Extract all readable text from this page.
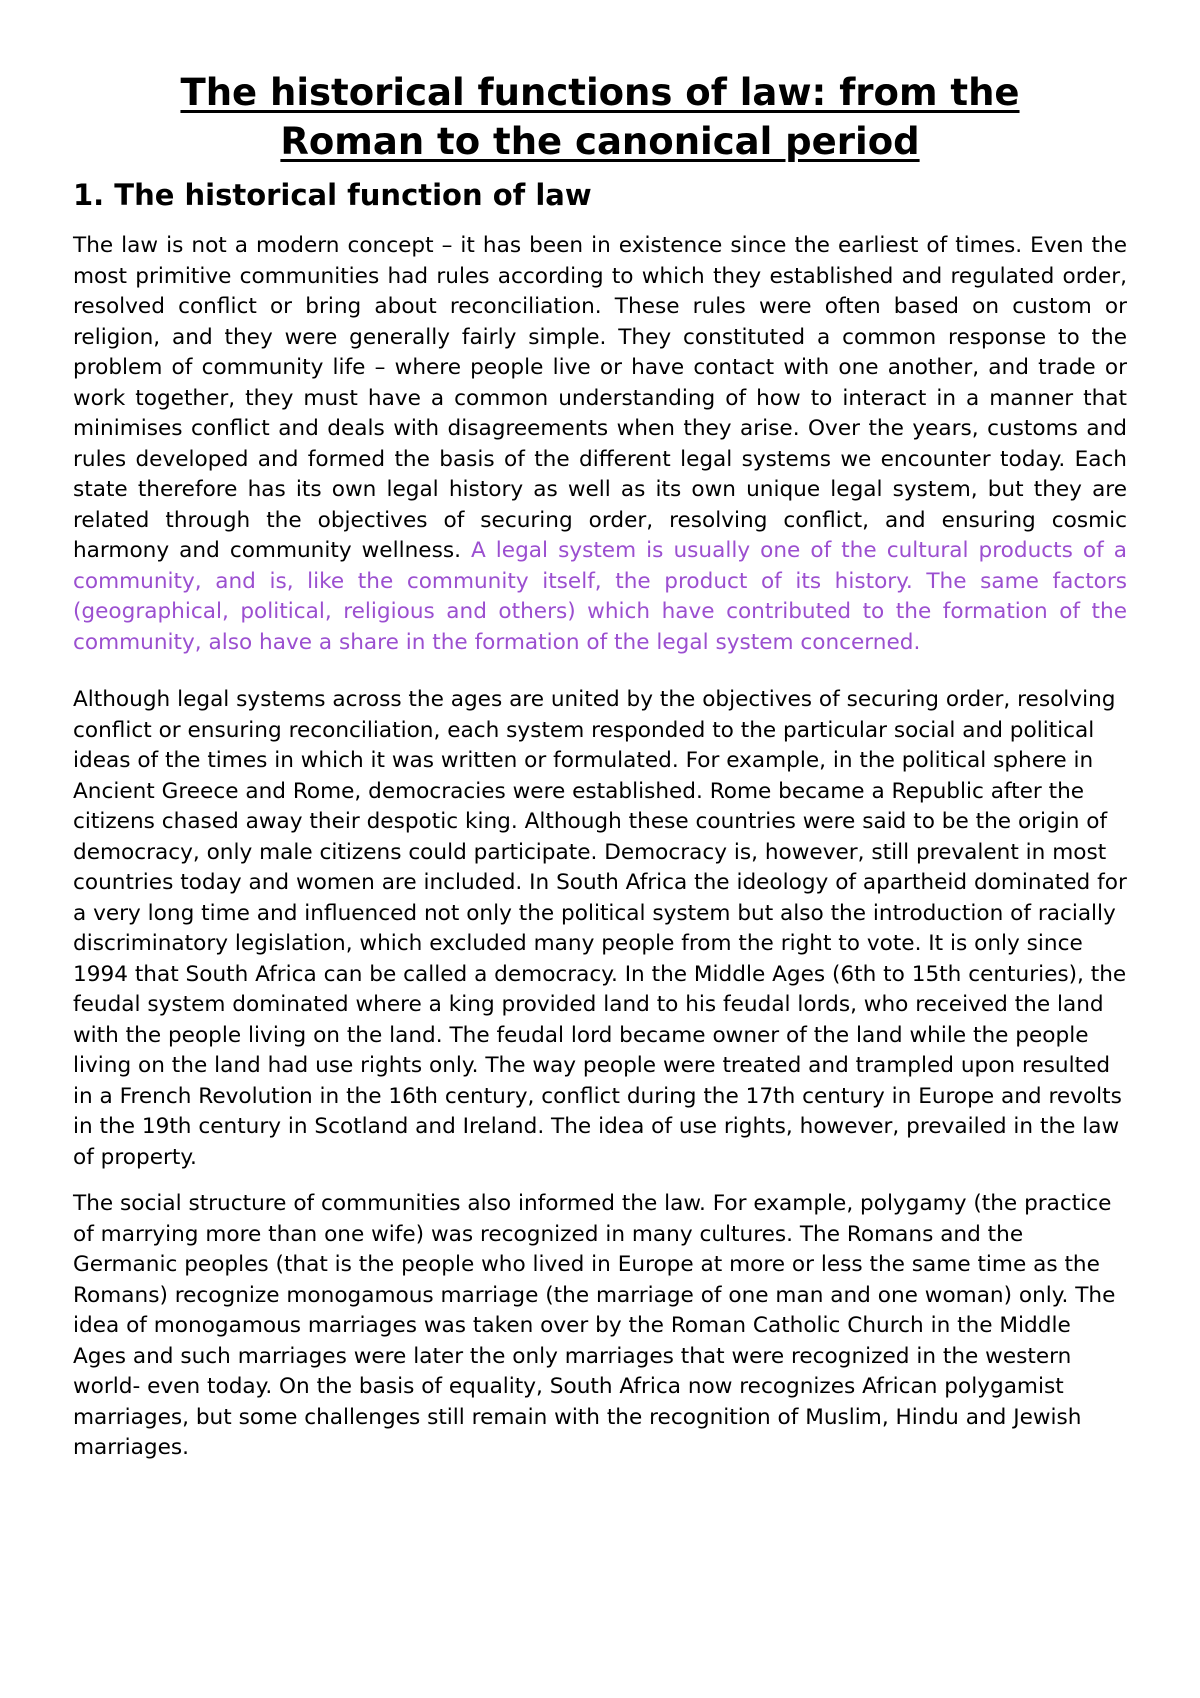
The historical functions of law: from the
Roman to the canonical period
1. The historical function of law

The law is not a modern concept – it has been in existence since the earliest of times. Even the most primitive communities had rules according to which they established and regulated order, resolved conflict or bring about reconciliation. These rules were often based on custom or religion, and they were generally fairly simple. They constituted a common response to the problem of community life – where people live or have contact with one another, and trade or work together, they must have a common understanding of how to interact in a manner that minimises conflict and deals with disagreements when they arise. Over the years, customs and rules developed and formed the basis of the different legal systems we encounter today. Each state therefore has its own legal history as well as its own unique legal system, but they are related through the objectives of securing order, resolving conflict, and ensuring cosmic harmony and community wellness. A legal system is usually one of the cultural products of a community, and is, like the community itself, the product of its history. The same factors (geographical, political, religious and others) which have contributed to the formation of the community, also have a share in the formation of the legal system concerned.

Although legal systems across the ages are united by the objectives of securing order, resolving conflict or ensuring reconciliation, each system responded to the particular social and political ideas of the times in which it was written or formulated. For example, in the political sphere in Ancient Greece and Rome, democracies were established. Rome became a Republic after the citizens chased away their despotic king. Although these countries were said to be the origin of democracy, only male citizens could participate. Democracy is, however, still prevalent in most countries today and women are included. In South Africa the ideology of apartheid dominated for a very long time and influenced not only the political system but also the introduction of racially discriminatory legislation, which excluded many people from the right to vote. It is only since 1994 that South Africa can be called a democracy. In the Middle Ages (6th to 15th centuries), the feudal system dominated where a king provided land to his feudal lords, who received the land with the people living on the land. The feudal lord became owner of the land while the people living on the land had use rights only. The way people were treated and trampled upon resulted in a French Revolution in the 16th century, conflict during the 17th century in Europe and revolts in the 19th century in Scotland and Ireland. The idea of use rights, however, prevailed in the law of property.

The social structure of communities also informed the law. For example, polygamy (the practice of marrying more than one wife) was recognized in many cultures. The Romans and the Germanic peoples (that is the people who lived in Europe at more or less the same time as the Romans) recognize monogamous marriage (the marriage of one man and one woman) only. The idea of monogamous marriages was taken over by the Roman Catholic Church in the Middle Ages and such marriages were later the only marriages that were recognized in the western world- even today. On the basis of equality, South Africa now recognizes African polygamist marriages, but some challenges still remain with the recognition of Muslim, Hindu and Jewish marriages.
